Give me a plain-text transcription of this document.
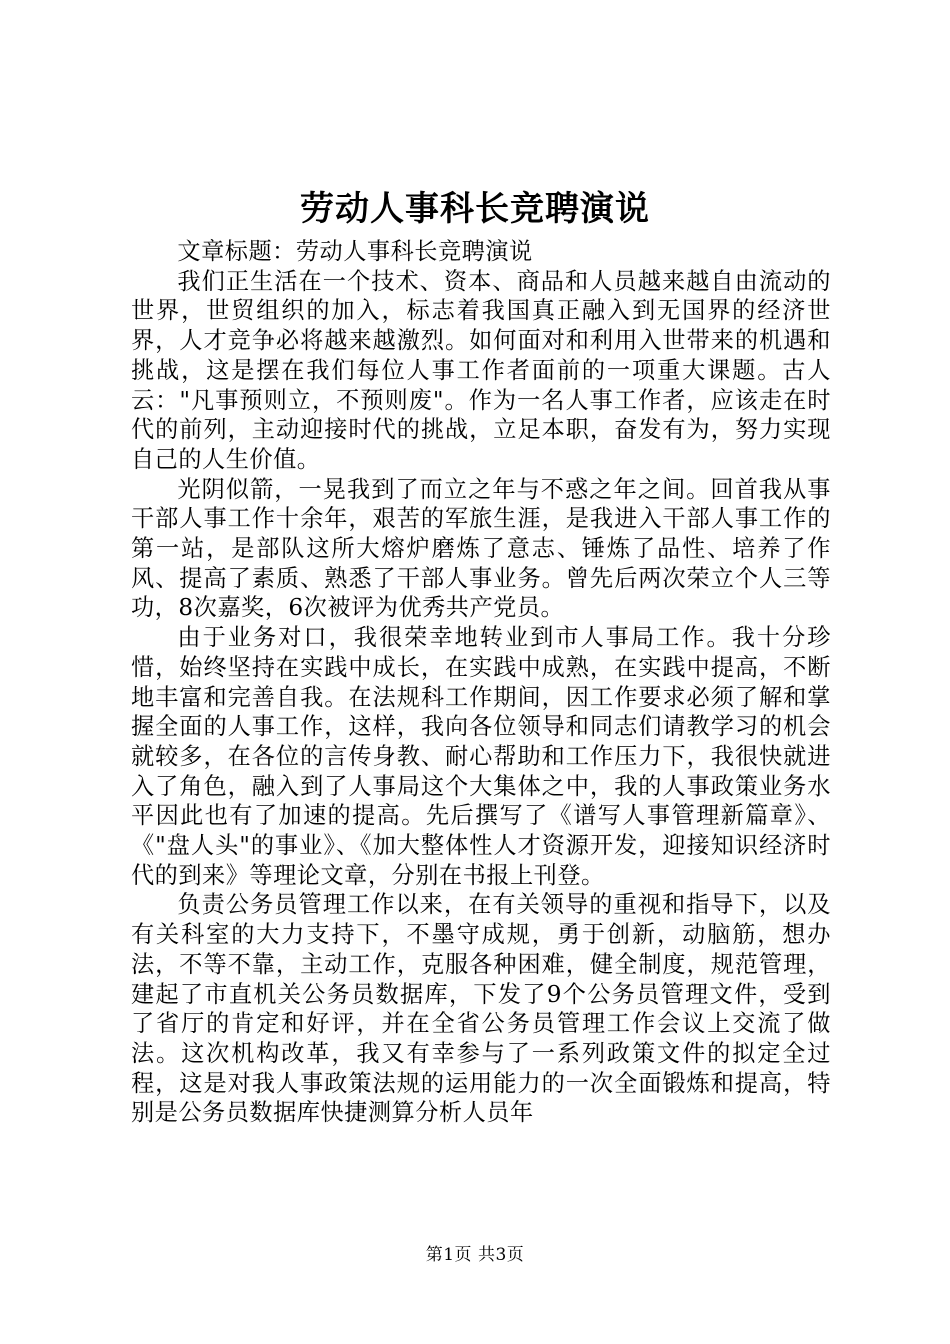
劳动人事科长竞聘演说

文章标题：劳动人事科长竞聘演说

我们正生活在一个技术、资本、商品和人员越来越自由流动的世界，世贸组织的加入，标志着我国真正融入到无国界的经济世界，人才竞争必将越来越激烈。如何面对和利用入世带来的机遇和挑战，这是摆在我们每位人事工作者面前的一项重大课题。古人云："凡事预则立，不预则废"。作为一名人事工作者，应该走在时代的前列，主动迎接时代的挑战，立足本职，奋发有为，努力实现自己的人生价值。

光阴似箭，一晃我到了而立之年与不惑之年之间。回首我从事干部人事工作十余年，艰苦的军旅生涯，是我进入干部人事工作的第一站，是部队这所大熔炉磨炼了意志、锤炼了品性、培养了作风、提高了素质、熟悉了干部人事业务。曾先后两次荣立个人三等功，8次嘉奖，6次被评为优秀共产党员。

由于业务对口，我很荣幸地转业到市人事局工作。我十分珍惜，始终坚持在实践中成长，在实践中成熟，在实践中提高，不断地丰富和完善自我。在法规科工作期间，因工作要求必须了解和掌握全面的人事工作，这样，我向各位领导和同志们请教学习的机会就较多，在各位的言传身教、耐心帮助和工作压力下，我很快就进入了角色，融入到了人事局这个大集体之中，我的人事政策业务水平因此也有了加速的提高。先后撰写了《谱写人事管理新篇章》、《"盘人头"的事业》、《加大整体性人才资源开发，迎接知识经济时代的到来》等理论文章，分别在书报上刊登。

负责公务员管理工作以来，在有关领导的重视和指导下，以及有关科室的大力支持下，不墨守成规，勇于创新，动脑筋，想办法，不等不靠，主动工作，克服各种困难，健全制度，规范管理，建起了市直机关公务员数据库，下发了9个公务员管理文件，受到了省厅的肯定和好评，并在全省公务员管理工作会议上交流了做法。这次机构改革，我又有幸参与了一系列政策文件的拟定全过程，这是对我人事政策法规的运用能力的一次全面锻炼和提高，特别是公务员数据库快捷测算分析人员年

第1页 共3页
